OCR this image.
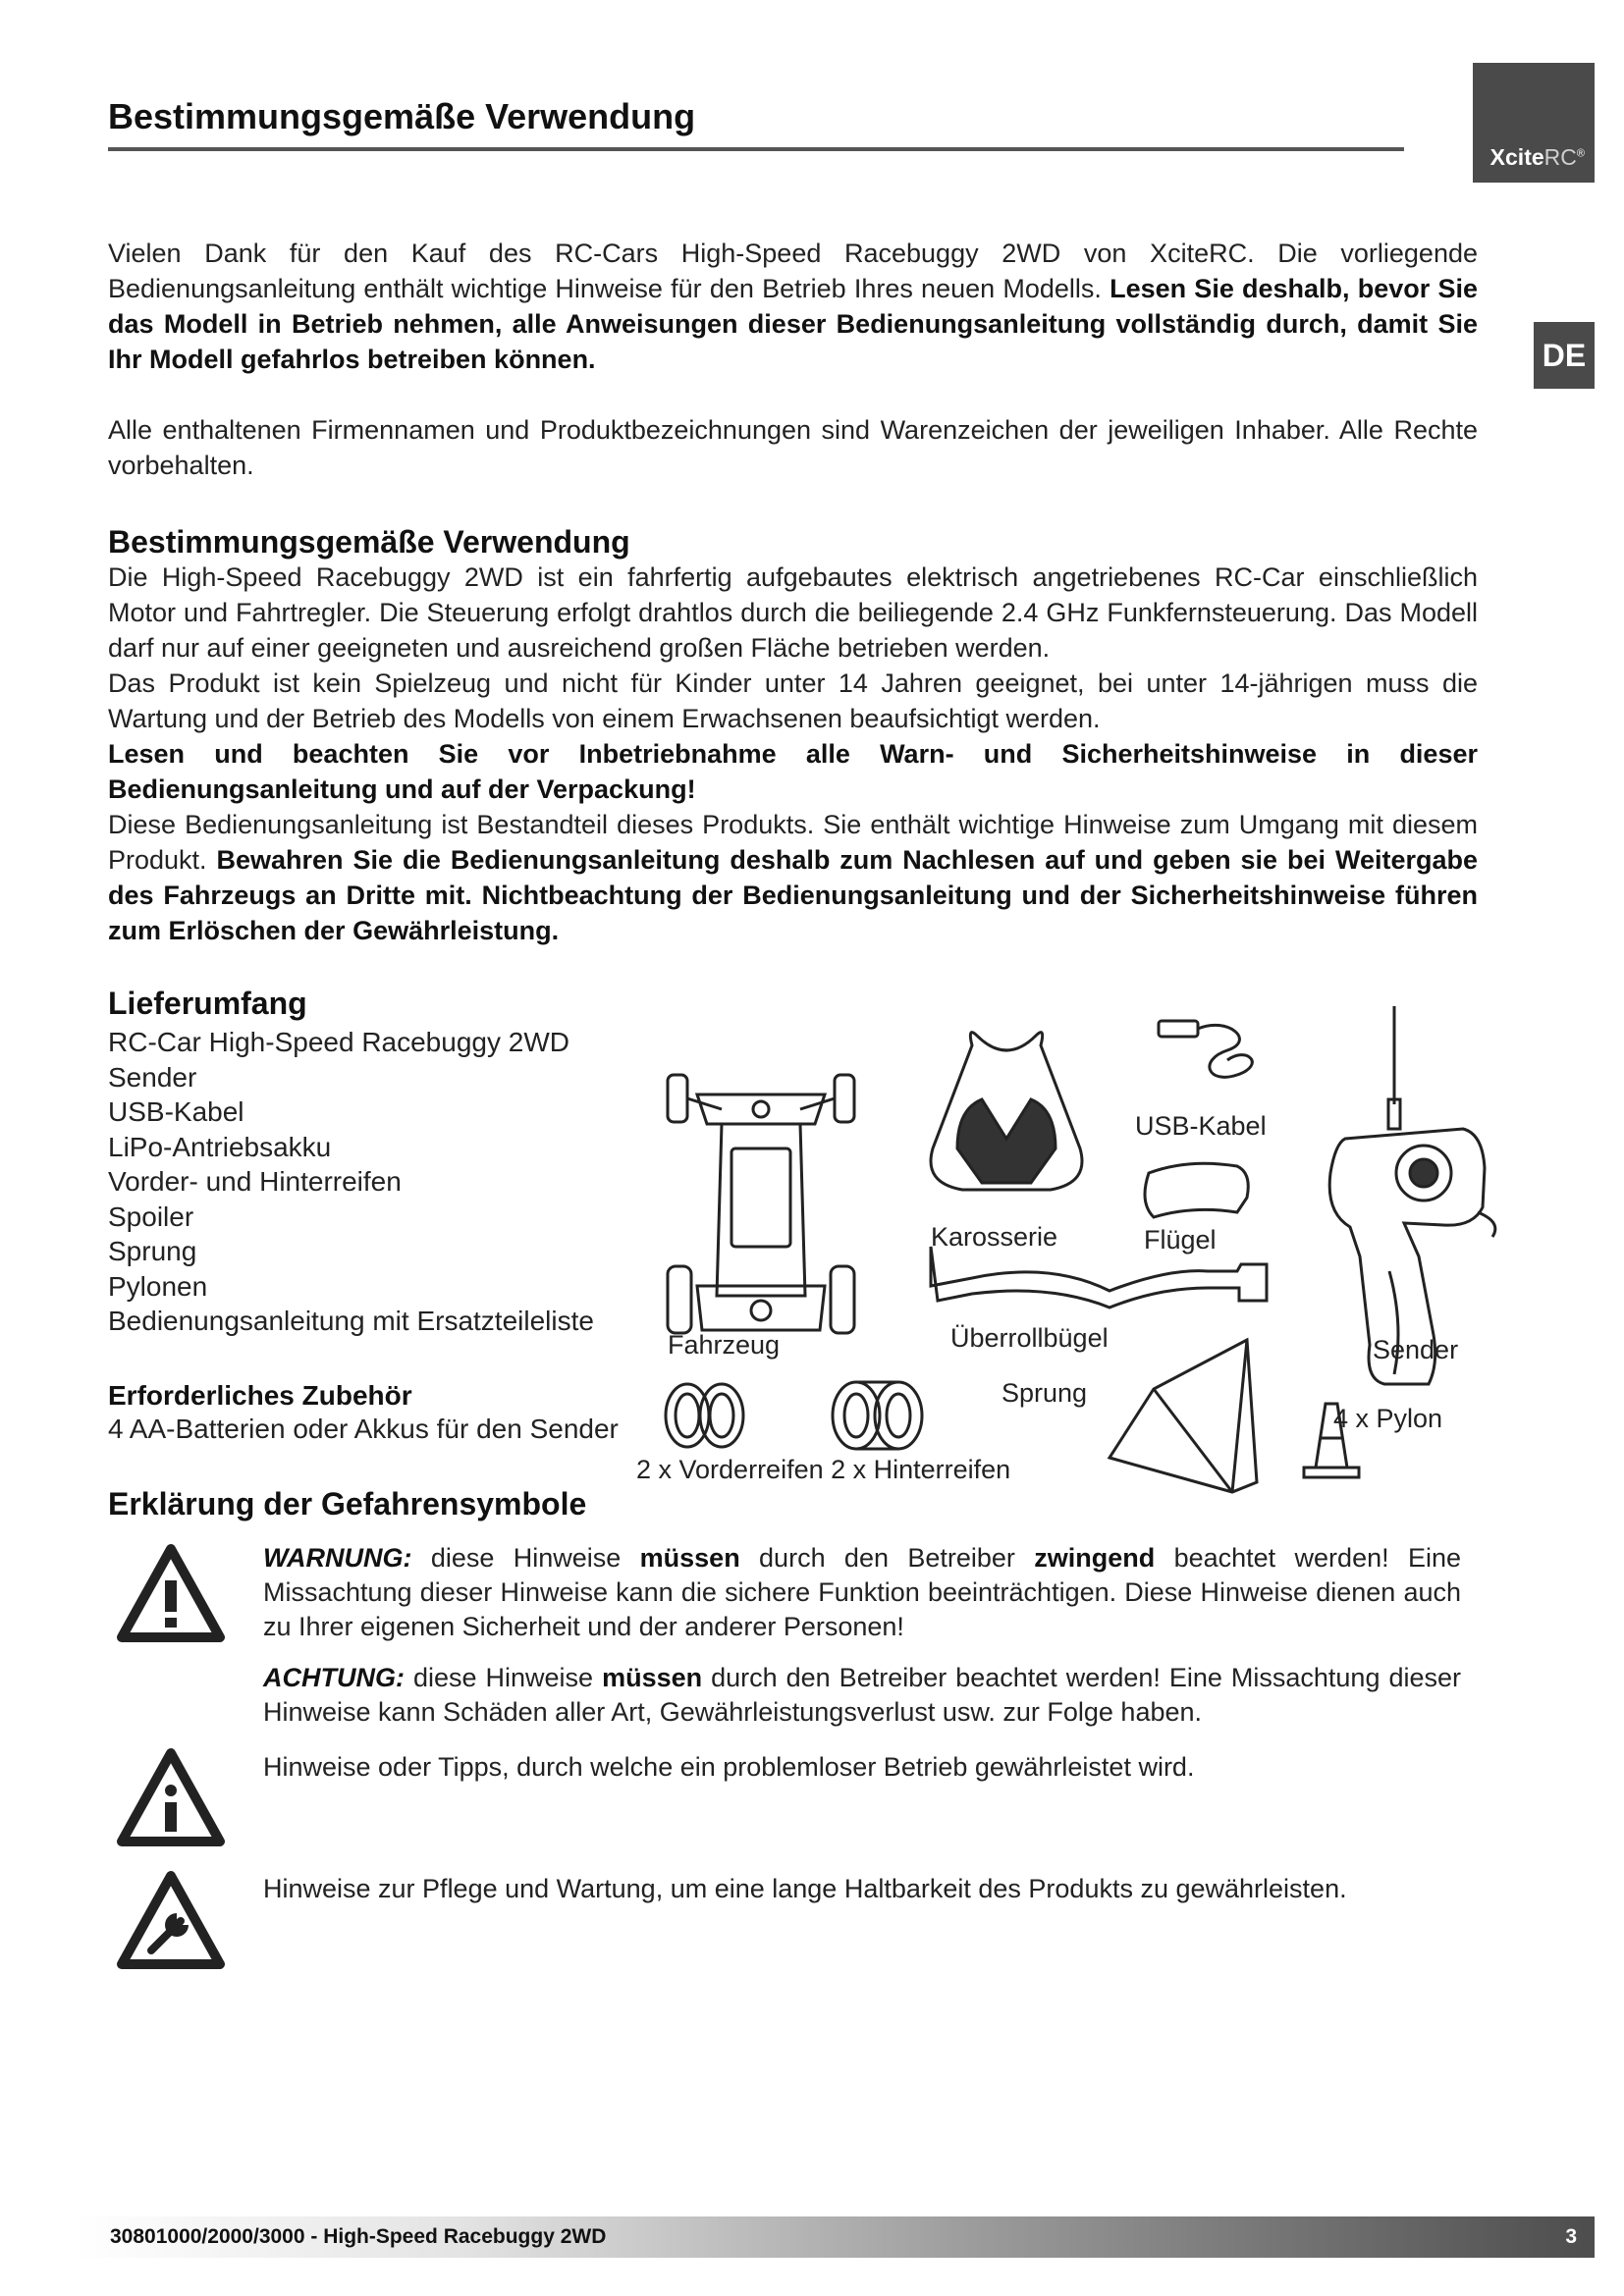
Bestimmungsgemäße Verwendung
XciteRC®
DE
Vielen Dank für den Kauf des RC-Cars High-Speed Racebuggy 2WD von XciteRC. Die vorliegende Bedienungsanleitung enthält wichtige Hinweise für den Betrieb Ihres neuen Modells. Lesen Sie deshalb, bevor Sie das Modell in Betrieb nehmen, alle Anweisungen dieser Bedienungsanleitung vollständig durch, damit Sie Ihr Modell gefahrlos betreiben können.
Alle enthaltenen Firmennamen und Produktbezeichnungen sind Warenzeichen der jeweiligen Inhaber. Alle Rechte vorbehalten.
Bestimmungsgemäße Verwendung
Die High-Speed Racebuggy 2WD ist ein fahrfertig aufgebautes elektrisch angetriebenes RC-Car einschließlich Motor und Fahrtregler. Die Steuerung erfolgt drahtlos durch die beiliegende 2.4 GHz Funkfernsteuerung. Das Modell darf nur auf einer geeigneten und ausreichend großen Fläche betrieben werden.
Das Produkt ist kein Spielzeug und nicht für Kinder unter 14 Jahren geeignet, bei unter 14-jährigen muss die Wartung und der Betrieb des Modells von einem Erwachsenen beaufsichtigt werden.
Lesen und beachten Sie vor Inbetriebnahme alle Warn- und Sicherheitshinweise in dieser Bedienungsanleitung und auf der Verpackung!
Diese Bedienungsanleitung ist Bestandteil dieses Produkts. Sie enthält wichtige Hinweise zum Umgang mit diesem Produkt. Bewahren Sie die Bedienungsanleitung deshalb zum Nachlesen auf und geben sie bei Weitergabe des Fahrzeugs an Dritte mit. Nichtbeachtung der Bedienungsanleitung und der Sicherheitshinweise führen zum Erlöschen der Gewährleistung.
Lieferumfang
RC-Car High-Speed Racebuggy 2WD
Sender
USB-Kabel
LiPo-Antriebsakku
Vorder- und Hinterreifen
Spoiler
Sprung
Pylonen
Bedienungsanleitung mit Ersatzteileliste
Erforderliches Zubehör
4 AA-Batterien oder Akkus für den Sender
Fahrzeug
Karosserie
USB-Kabel
Flügel
Überrollbügel	Sender
Sprung
4 x Pylon
2 x Vorderreifen 2 x Hinterreifen
Erklärung der Gefahrensymbole
WARNUNG: diese Hinweise müssen durch den Betreiber zwingend beachtet werden! Eine Missachtung dieser Hinweise kann die sichere Funktion beeinträchtigen. Diese Hinweise dienen auch zu Ihrer eigenen Sicherheit und der anderer Personen!
ACHTUNG: diese Hinweise müssen durch den Betreiber beachtet werden! Eine Missachtung dieser Hinweise kann Schäden aller Art, Gewährleistungsverlust usw. zur Folge haben.
Hinweise oder Tipps, durch welche ein problemloser Betrieb gewährleistet wird.
Hinweise zur Pflege und Wartung, um eine lange Haltbarkeit des Produkts zu gewährleisten.
30801000/2000/3000 - High-Speed Racebuggy 2WD	3
